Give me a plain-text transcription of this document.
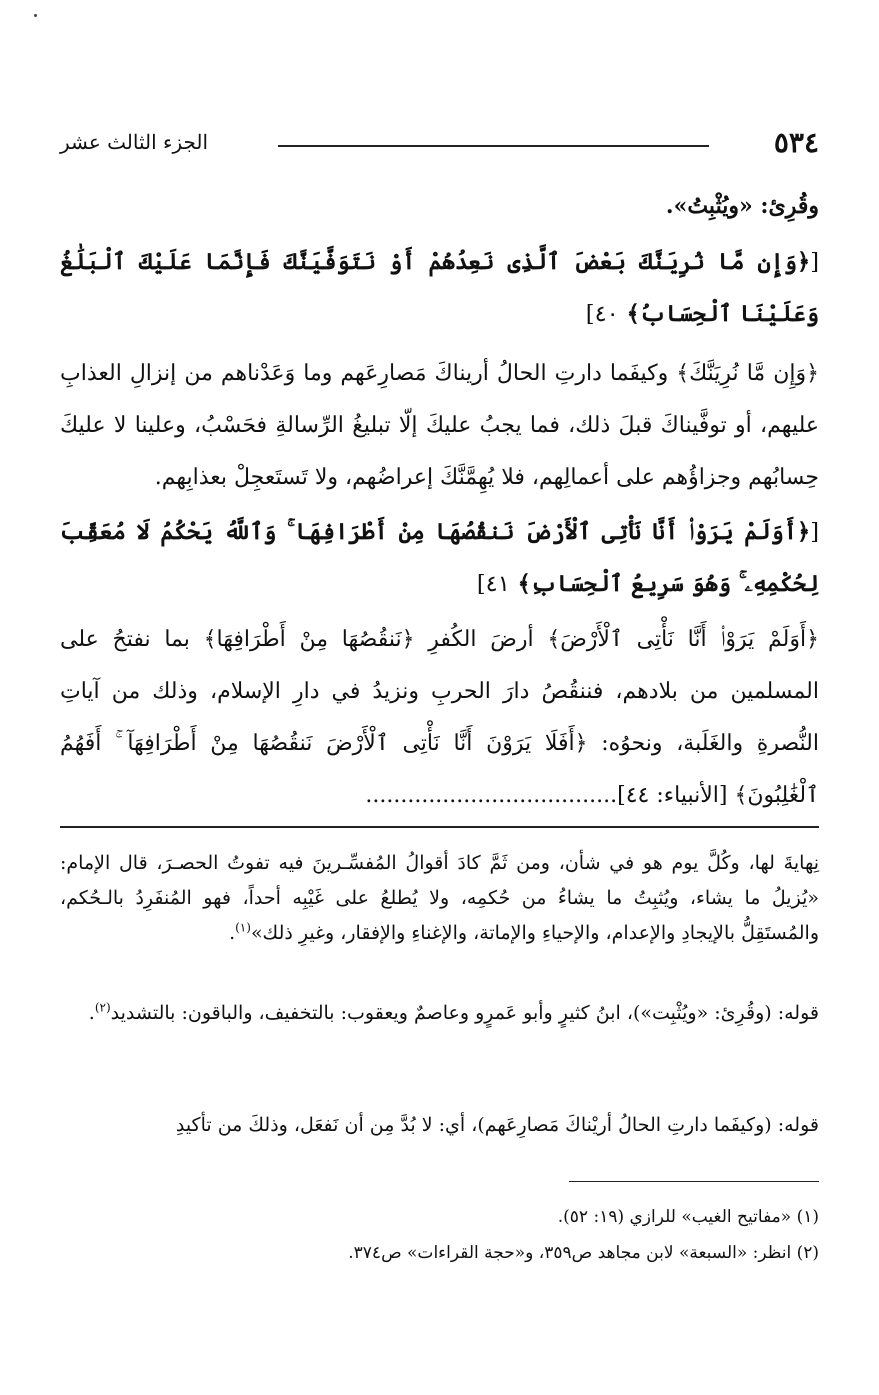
٥٣٤
الجزء الثالث عشر

وقُرِئ: «ويُثْبِتُ».

[﴿وَإِن مَّا نُرِيَنَّكَ بَعْضَ ٱلَّذِى نَعِدُهُمْ أَوْ نَتَوَفَّيَنَّكَ فَإِنَّمَا عَلَيْكَ ٱلْبَلَٰغُ وَعَلَيْنَا ٱلْحِسَابُ﴾ ٤٠]

﴿وَإِن مَّا نُرِيَنَّكَ﴾ وكيفَما دارتِ الحالُ أريناكَ مَصارِعَهم وما وَعَدْناهم من إنزالِ العذابِ عليهم، أو توفَّيناكَ قبلَ ذلك، فما يجبُ عليكَ إلّا تبليغُ الرِّسالةِ فحَسْبُ، وعلينا لا عليكَ حِسابُهم وجزاؤُهم على أعمالِهم، فلا يُهِمَّنَّكَ إعراضُهم، ولا تَستَعجِلْ بعذابِهم.

[﴿أَوَلَمْ يَرَوْا۟ أَنَّا نَأْتِى ٱلْأَرْضَ نَنقُصُهَا مِنْ أَطْرَافِهَا ۚ وَٱللَّهُ يَحْكُمُ لَا مُعَقِّبَ لِحُكْمِهِۦ ۚ وَهُوَ سَرِيعُ ٱلْحِسَابِ﴾ ٤١]

﴿أَوَلَمْ يَرَوْا۟ أَنَّا نَأْتِى ٱلْأَرْضَ﴾ أرضَ الكُفرِ ﴿نَنقُصُهَا مِنْ أَطْرَافِهَا﴾ بما نفتحُ على المسلمين من بلادهم، فننقُصُ دارَ الحربِ ونزيدُ في دارِ الإسلام، وذلك من آياتِ النُّصرةِ والغَلَبة، ونحوُه: ﴿أَفَلَا يَرَوْنَ أَنَّا نَأْتِى ٱلْأَرْضَ نَنقُصُهَا مِنْ أَطْرَافِهَآ ۚ أَفَهُمُ ٱلْغَٰلِبُونَ﴾ [الأنبياء: ٤٤]....................................

نِهايةَ لها، وكُلَّ يوم هو في شأن، ومن ثَمَّ كادَ أقوالُ المُفسِّـرينَ فيه تفوتُ الحصـرَ، قال الإمام: «يُزيلُ ما يشاء، ويُثبِتُ ما يشاءُ من حُكمِه، ولا يُطلعُ على غَيْبِه أحداً، فهو المُنفَرِدُ بالـحُكم، والمُستَقِلُّ بالإيجادِ والإعدام، والإحياءِ والإماتة، والإغناءِ والإفقار، وغيرِ ذلك»$^{(١)}$.

قوله: (وقُرِئ: «ويُثْبِت»)، ابنُ كثيرٍ وأبو عَمرٍو وعاصمٌ ويعقوب: بالتخفيف، والباقون: بالتشديد$^{(٢)}$.

قوله: (وكيفَما دارتِ الحالُ أريْناكَ مَصارِعَهم)، أي: لا بُدَّ مِن أن نَفعَل، وذلكَ من تأكيدِ

(١) «مفاتيح الغيب» للرازي (١٩: ٥٢).
(٢) انظر: «السبعة» لابن مجاهد ص٣٥٩، و«حجة القراءات» ص٣٧٤.
